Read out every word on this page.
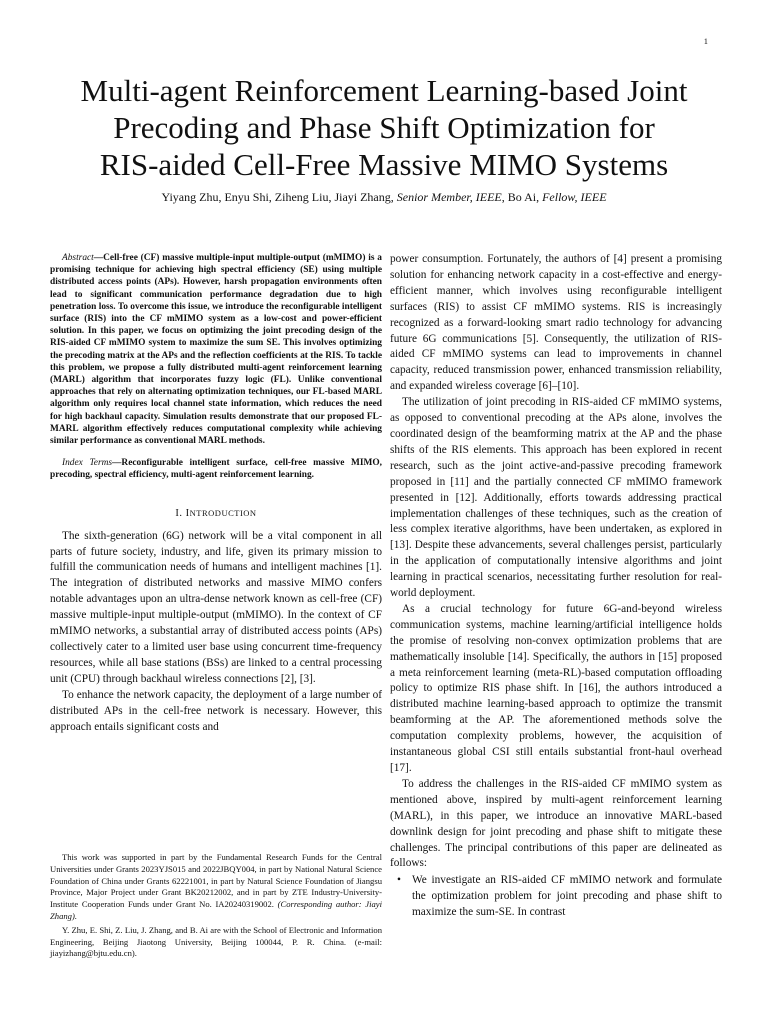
1
Multi-agent Reinforcement Learning-based Joint
Precoding and Phase Shift Optimization for
RIS-aided Cell-Free Massive MIMO Systems
Yiyang Zhu, Enyu Shi, Ziheng Liu, Jiayi Zhang, Senior Member, IEEE, Bo Ai, Fellow, IEEE

Abstract—Cell-free (CF) massive multiple-input multiple-output (mMIMO) is a promising technique for achieving high spectral efficiency (SE) using multiple distributed access points (APs). However, harsh propagation environments often lead to significant communication performance degradation due to high penetration loss. To overcome this issue, we introduce the reconfigurable intelligent surface (RIS) into the CF mMIMO system as a low-cost and power-efficient solution. In this paper, we focus on optimizing the joint precoding design of the RIS-aided CF mMIMO system to maximize the sum SE. This involves optimizing the precoding matrix at the APs and the reflection coefficients at the RIS. To tackle this problem, we propose a fully distributed multi-agent reinforcement learning (MARL) algorithm that incorporates fuzzy logic (FL). Unlike conventional approaches that rely on alternating optimization techniques, our FL-based MARL algorithm only requires local channel state information, which reduces the need for high backhaul capacity. Simulation results demonstrate that our proposed FL-MARL algorithm effectively reduces computational complexity while achieving similar performance as conventional MARL methods.

Index Terms—Reconfigurable intelligent surface, cell-free massive MIMO, precoding, spectral efficiency, multi-agent reinforcement learning.

I. INTRODUCTION

The sixth-generation (6G) network will be a vital component in all parts of future society, industry, and life, given its primary mission to fulfill the communication needs of humans and intelligent machines [1]. The integration of distributed networks and massive MIMO confers notable advantages upon an ultra-dense network known as cell-free (CF) massive multiple-input multiple-output (mMIMO). In the context of CF mMIMO networks, a substantial array of distributed access points (APs) collectively cater to a limited user base using concurrent time-frequency resources, while all base stations (BSs) are linked to a central processing unit (CPU) through backhaul wireless connections [2], [3].

To enhance the network capacity, the deployment of a large number of distributed APs in the cell-free network is necessary. However, this approach entails significant costs and

This work was supported in part by the Fundamental Research Funds for the Central Universities under Grants 2023YJS015 and 2022JBQY004, in part by National Natural Science Foundation of China under Grants 62221001, in part by Natural Science Foundation of Jiangsu Province, Major Project under Grant BK20212002, and in part by ZTE Industry-University-Institute Cooperation Funds under Grant No. IA20240319002. (Corresponding author: Jiayi Zhang).

Y. Zhu, E. Shi, Z. Liu, J. Zhang, and B. Ai are with the School of Electronic and Information Engineering, Beijing Jiaotong University, Beijing 100044, P. R. China. (e-mail: jiayizhang@bjtu.edu.cn).

power consumption. Fortunately, the authors of [4] present a promising solution for enhancing network capacity in a cost-effective and energy-efficient manner, which involves using reconfigurable intelligent surfaces (RIS) to assist CF mMIMO systems. RIS is increasingly recognized as a forward-looking smart radio technology for advancing future 6G communications [5]. Consequently, the utilization of RIS-aided CF mMIMO systems can lead to improvements in channel capacity, reduced transmission power, enhanced transmission reliability, and expanded wireless coverage [6]–[10].

The utilization of joint precoding in RIS-aided CF mMIMO systems, as opposed to conventional precoding at the APs alone, involves the coordinated design of the beamforming matrix at the AP and the phase shifts of the RIS elements. This approach has been explored in recent research, such as the joint active-and-passive precoding framework proposed in [11] and the partially connected CF mMIMO framework presented in [12]. Additionally, efforts towards addressing practical implementation challenges of these techniques, such as the creation of less complex iterative algorithms, have been undertaken, as explored in [13]. Despite these advancements, several challenges persist, particularly in the application of computationally intensive algorithms and joint learning in practical scenarios, necessitating further resolution for real-world deployment.

As a crucial technology for future 6G-and-beyond wireless communication systems, machine learning/artificial intelligence holds the promise of resolving non-convex optimization problems that are mathematically insoluble [14]. Specifically, the authors in [15] proposed a meta reinforcement learning (meta-RL)-based computation offloading policy to optimize RIS phase shift. In [16], the authors introduced a distributed machine learning-based approach to optimize the transmit beamforming at the AP. The aforementioned methods solve the computation complexity problems, however, the acquisition of instantaneous global CSI still entails substantial front-haul overhead [17].

To address the challenges in the RIS-aided CF mMIMO system as mentioned above, inspired by multi-agent reinforcement learning (MARL), in this paper, we introduce an innovative MARL-based downlink design for joint precoding and phase shift to mitigate these challenges. The principal contributions of this paper are delineated as follows:

• We investigate an RIS-aided CF mMIMO network and formulate the optimization problem for joint precoding and phase shift to maximize the sum-SE. In contrast
